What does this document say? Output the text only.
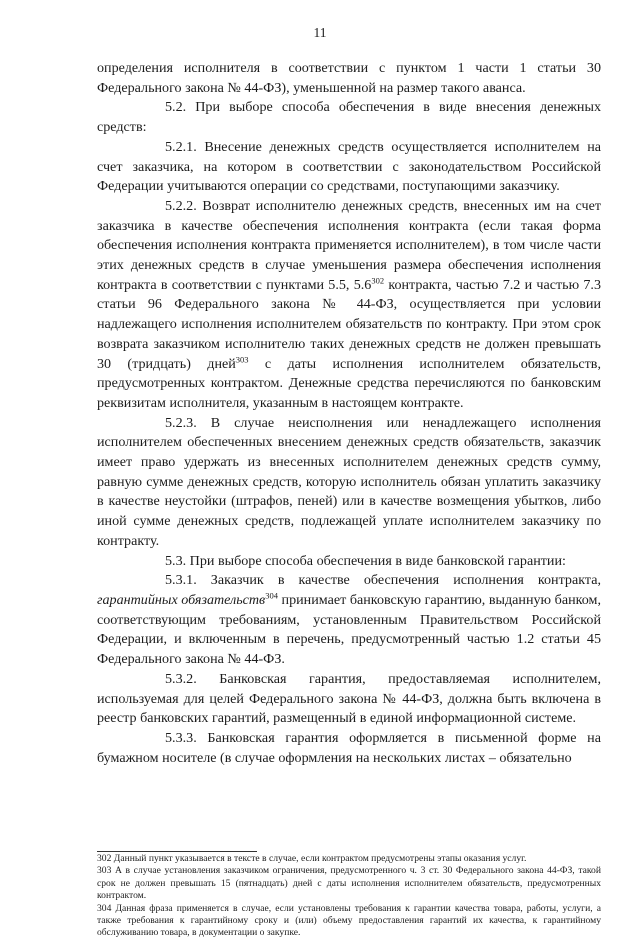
11

определения исполнителя в соответствии с пунктом 1 части 1 статьи 30 Федерального закона № 44-ФЗ), уменьшенной на размер такого аванса.

5.2. При выборе способа обеспечения в виде внесения денежных средств:

5.2.1. Внесение денежных средств осуществляется исполнителем на счет заказчика, на котором в соответствии с законодательством Российской Федерации учитываются операции со средствами, поступающими заказчику.

5.2.2. Возврат исполнителю денежных средств, внесенных им на счет заказчика в качестве обеспечения исполнения контракта (если такая форма обеспечения исполнения контракта применяется исполнителем), в том числе части этих денежных средств в случае уменьшения размера обеспечения исполнения контракта в соответствии с пунктами 5.5, $5.6^{302}$ контракта, частью 7.2 и частью 7.3 статьи 96 Федерального закона № 44-ФЗ, осуществляется при условии надлежащего исполнения исполнителем обязательств по контракту. При этом срок возврата заказчиком исполнителю таких денежных средств не должен превышать 30 (тридцать) дней$^{303}$ с даты исполнения исполнителем обязательств, предусмотренных контрактом. Денежные средства перечисляются по банковским реквизитам исполнителя, указанным в настоящем контракте.

5.2.3. В случае неисполнения или ненадлежащего исполнения исполнителем обеспеченных внесением денежных средств обязательств, заказчик имеет право удержать из внесенных исполнителем денежных средств сумму, равную сумме денежных средств, которую исполнитель обязан уплатить заказчику в качестве неустойки (штрафов, пеней) или в качестве возмещения убытков, либо иной сумме денежных средств, подлежащей уплате исполнителем заказчику по контракту.

5.3. При выборе способа обеспечения в виде банковской гарантии:

5.3.1. Заказчик в качестве обеспечения исполнения контракта, гарантийных обязательств$^{304}$ принимает банковскую гарантию, выданную банком, соответствующим требованиям, установленным Правительством Российской Федерации, и включенным в перечень, предусмотренный частью 1.2 статьи 45 Федерального закона № 44-ФЗ.

5.3.2. Банковская гарантия, предоставляемая исполнителем, используемая для целей Федерального закона № 44-ФЗ, должна быть включена в реестр банковских гарантий, размещенный в единой информационной системе.

5.3.3. Банковская гарантия оформляется в письменной форме на бумажном носителе (в случае оформления на нескольких листах – обязательно

302 Данный пункт указывается в тексте в случае, если контрактом предусмотрены этапы оказания услуг.

303 А в случае установления заказчиком ограничения, предусмотренного ч. 3 ст. 30 Федерального закона 44-ФЗ, такой срок не должен превышать 15 (пятнадцать) дней с даты исполнения исполнителем обязательств, предусмотренных контрактом.

304 Данная фраза применяется в случае, если установлены требования к гарантии качества товара, работы, услуги, а также требования к гарантийному сроку и (или) объему предоставления гарантий их качества, к гарантийному обслуживанию товара, в документации о закупке.
